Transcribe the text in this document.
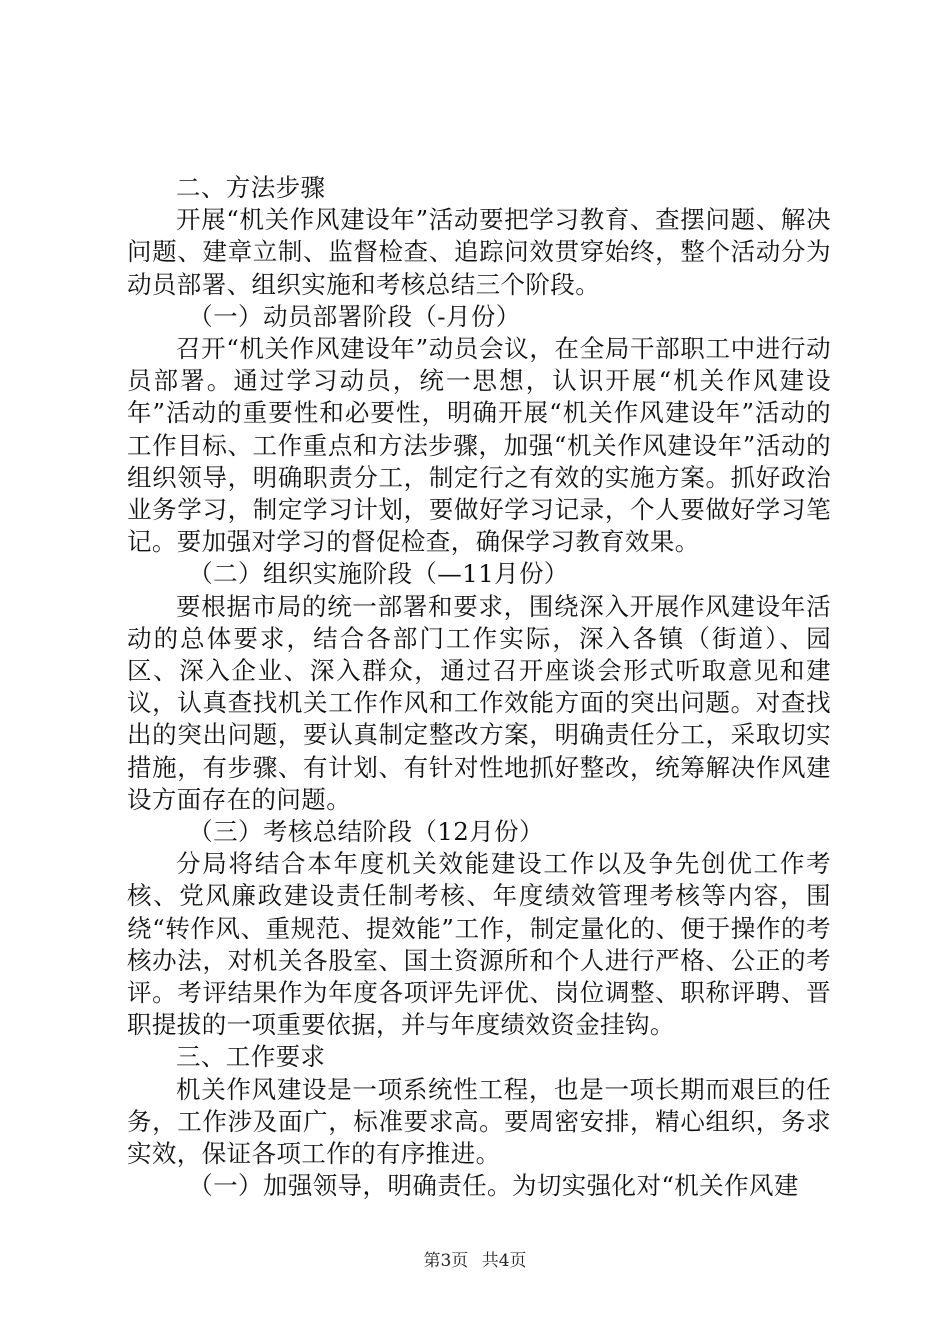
二、方法步骤

开展“机关作风建设年”活动要把学习教育、查摆问题、解决问题、建章立制、监督检查、追踪问效贯穿始终，整个活动分为动员部署、组织实施和考核总结三个阶段。

（一）动员部署阶段（-月份）

召开“机关作风建设年”动员会议，在全局干部职工中进行动员部署。通过学习动员，统一思想，认识开展“机关作风建设年”活动的重要性和必要性，明确开展“机关作风建设年”活动的工作目标、工作重点和方法步骤，加强“机关作风建设年”活动的组织领导，明确职责分工，制定行之有效的实施方案。抓好政治业务学习，制定学习计划，要做好学习记录，个人要做好学习笔记。要加强对学习的督促检查，确保学习教育效果。

（二）组织实施阶段（—11月份）

要根据市局的统一部署和要求，围绕深入开展作风建设年活动的总体要求，结合各部门工作实际，深入各镇（街道）、园区、深入企业、深入群众，通过召开座谈会形式听取意见和建议，认真查找机关工作作风和工作效能方面的突出问题。对查找出的突出问题，要认真制定整改方案，明确责任分工，采取切实措施，有步骤、有计划、有针对性地抓好整改，统筹解决作风建设方面存在的问题。

（三）考核总结阶段（12月份）

分局将结合本年度机关效能建设工作以及争先创优工作考核、党风廉政建设责任制考核、年度绩效管理考核等内容，围绕“转作风、重规范、提效能”工作，制定量化的、便于操作的考核办法，对机关各股室、国土资源所和个人进行严格、公正的考评。考评结果作为年度各项评先评优、岗位调整、职称评聘、晋职提拔的一项重要依据，并与年度绩效资金挂钩。

三、工作要求

机关作风建设是一项系统性工程，也是一项长期而艰巨的任务，工作涉及面广，标准要求高。要周密安排，精心组织，务求实效，保证各项工作的有序推进。

（一）加强领导，明确责任。为切实强化对“机关作风建

第3页 共4页
